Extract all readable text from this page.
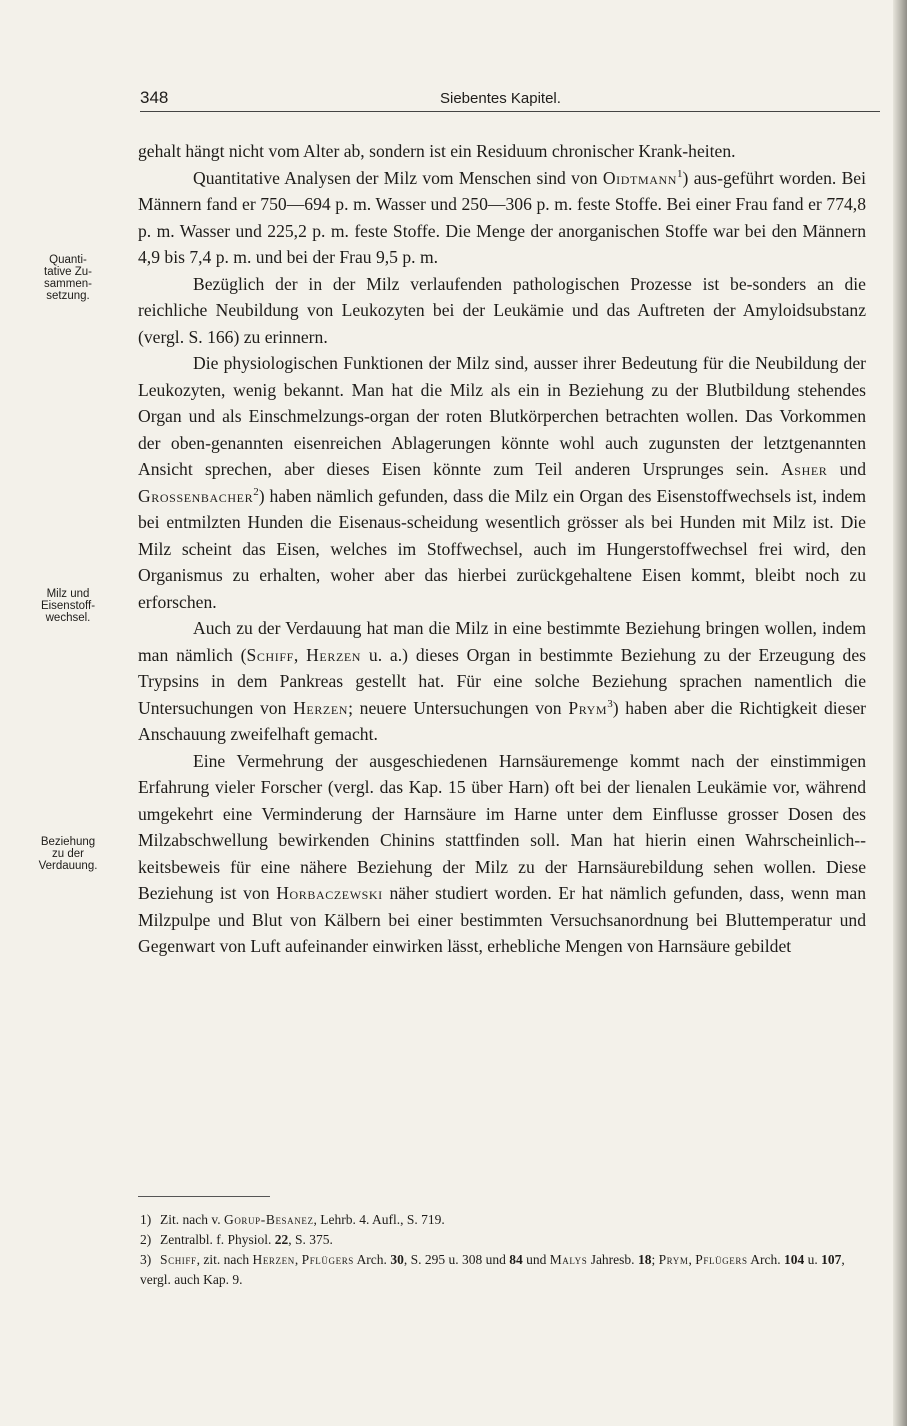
348	Siebentes Kapitel.
Quanti-
tative Zu-
sammen-
setzung.
Milz und
Eisenstoff-
wechsel.
Beziehung
zu der
Verdauung.

gehalt hängt nicht vom Alter ab, sondern ist ein Residuum chronischer Krank-heiten.

Quantitative Analysen der Milz vom Menschen sind von Oidtmann$^1$) aus-geführt worden. Bei Männern fand er 750—694 p. m. Wasser und 250—306 p. m. feste Stoffe. Bei einer Frau fand er 774,8 p. m. Wasser und 225,2 p. m. feste Stoffe. Die Menge der anorganischen Stoffe war bei den Männern 4,9 bis 7,4 p. m. und bei der Frau 9,5 p. m.

Bezüglich der in der Milz verlaufenden pathologischen Prozesse ist be-sonders an die reichliche Neubildung von Leukozyten bei der Leukämie und das Auftreten der Amyloidsubstanz (vergl. S. 166) zu erinnern.

Die physiologischen Funktionen der Milz sind, ausser ihrer Bedeutung für die Neubildung der Leukozyten, wenig bekannt. Man hat die Milz als ein in Beziehung zu der Blutbildung stehendes Organ und als Einschmelzungs-organ der roten Blutkörperchen betrachten wollen. Das Vorkommen der oben-genannten eisenreichen Ablagerungen könnte wohl auch zugunsten der letztgenannten Ansicht sprechen, aber dieses Eisen könnte zum Teil anderen Ursprunges sein. Asher und Grossenbacher$^2$) haben nämlich gefunden, dass die Milz ein Organ des Eisenstoffwechsels ist, indem bei entmilzten Hunden die Eisenaus-scheidung wesentlich grösser als bei Hunden mit Milz ist. Die Milz scheint das Eisen, welches im Stoffwechsel, auch im Hungerstoffwechsel frei wird, den Organismus zu erhalten, woher aber das hierbei zurückgehaltene Eisen kommt, bleibt noch zu erforschen.

Auch zu der Verdauung hat man die Milz in eine bestimmte Beziehung bringen wollen, indem man nämlich (Schiff, Herzen u. a.) dieses Organ in bestimmte Beziehung zu der Erzeugung des Trypsins in dem Pankreas gestellt hat. Für eine solche Beziehung sprachen namentlich die Untersuchungen von Herzen; neuere Untersuchungen von Prym$^3$) haben aber die Richtigkeit dieser Anschauung zweifelhaft gemacht.

Eine Vermehrung der ausgeschiedenen Harnsäuremenge kommt nach der einstimmigen Erfahrung vieler Forscher (vergl. das Kap. 15 über Harn) oft bei der lienalen Leukämie vor, während umgekehrt eine Verminderung der Harnsäure im Harne unter dem Einflusse grosser Dosen des Milzabschwellung bewirkenden Chinins stattfinden soll. Man hat hierin einen Wahrscheinlich-keitsbeweis für eine nähere Beziehung der Milz zu der Harnsäurebildung sehen wollen. Diese Beziehung ist von Horbaczewski näher studiert worden. Er hat nämlich gefunden, dass, wenn man Milzpulpe und Blut von Kälbern bei einer bestimmten Versuchsanordnung bei Bluttemperatur und Gegenwart von Luft aufeinander einwirken lässt, erhebliche Mengen von Harnsäure gebildet

1) Zit. nach v. Gorup-Besanez, Lehrb. 4. Aufl., S. 719.

2) Zentralbl. f. Physiol. 22, S. 375.

3) Schiff, zit. nach Herzen, Pflügers Arch. 30, S. 295 u. 308 und 84 und Malys Jahresb. 18; Prym, Pflügers Arch. 104 u. 107, vergl. auch Kap. 9.
